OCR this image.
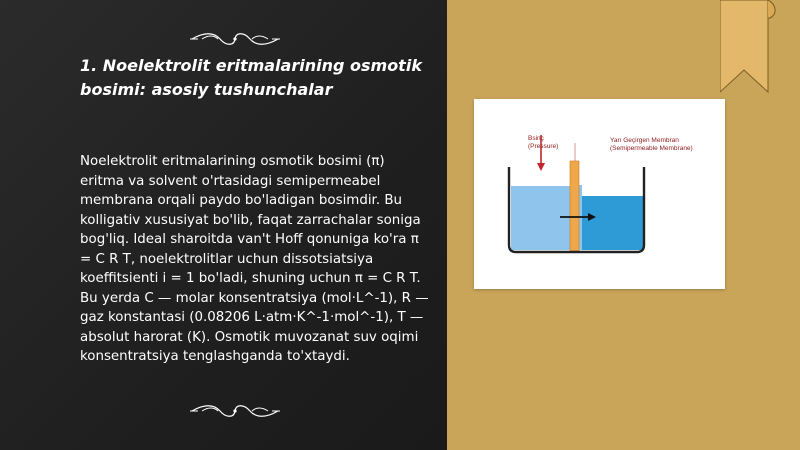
1. Noelektrolit eritmalarining osmotik bosimi: asosiy tushunchalar
Noelektrolit eritmalarining osmotik bosimi (π) eritma va solvent o'rtasidagi semipermeabel membrana orqali paydo bo'ladigan bosimdir. Bu kolligativ xususiyat bo'lib, faqat zarrachalar soniga bog'liq. Ideal sharoitda van't Hoff qonuniga ko'ra π = C R T, noelektrolitlar uchun dissotsiatsiya koeffitsienti i = 1 bo'ladi, shuning uchun π = C R T. Bu yerda C — molar konsentratsiya (mol·L^-1), R — gaz konstantasi (0.08206 L·atm·K^-1·mol^-1), T — absolut harorat (K). Osmotik muvozanat suv oqimi konsentratsiya tenglashganda to'xtaydi.
Bsinç
(Pressure)
Yarı Geçirgen Membran
(Semipermeable Membrane)
